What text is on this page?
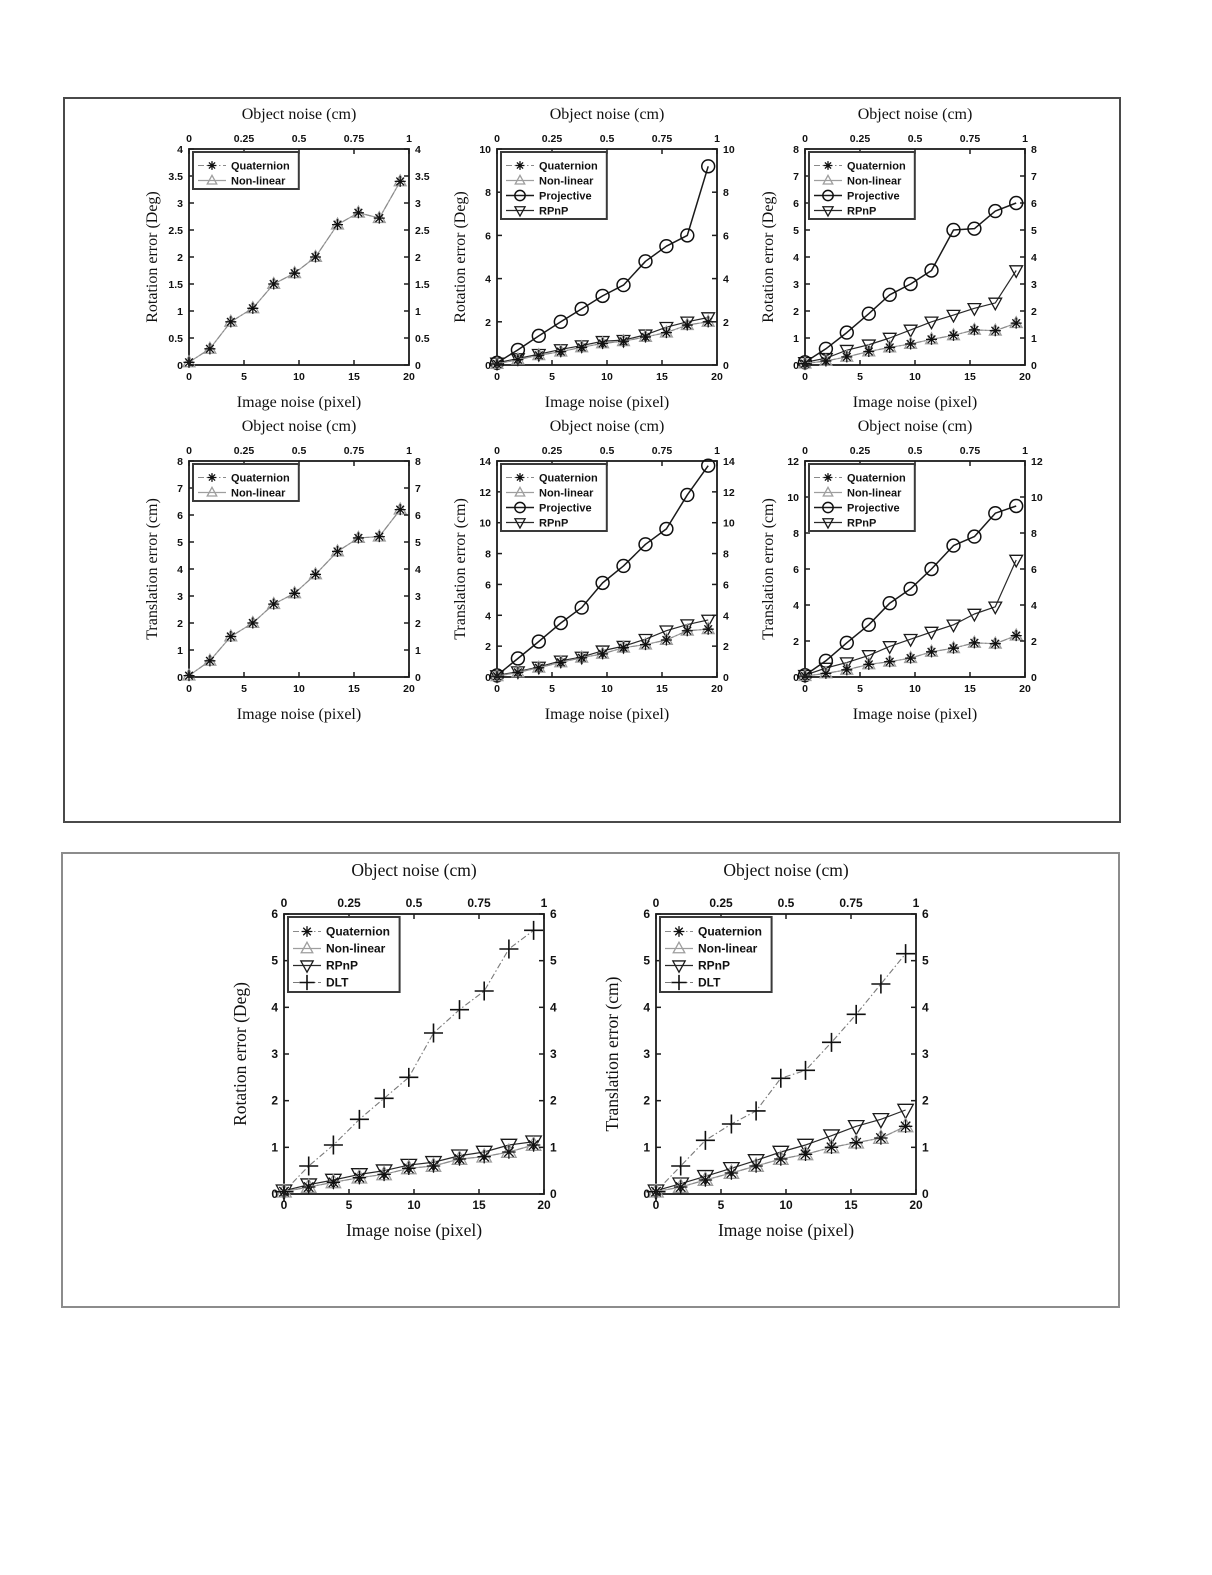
0	5	10	15	20
0	0.25	0.5	0.75	1
0	0
0.5	0.5
1	1
1.5	1.5
2	2
2.5	2.5
3	3
3.5	3.5
4	4
Object noise (cm)
Image noise (pixel)
Rotation error (Deg)
Quaternion
Non-linear
0	5	10	15	20
0	0.25	0.5	0.75	1
0	0
2	2
4	4
6	6
8	8
10	10
Object noise (cm)
Image noise (pixel)
Rotation error (Deg)
Quaternion
Non-linear
Projective
RPnP
0	5	10	15	20
0	0.25	0.5	0.75	1
0	0
1	1
2	2
3	3
4	4
5	5
6	6
7	7
8	8
Object noise (cm)
Image noise (pixel)
Rotation error (Deg)
Quaternion
Non-linear
Projective
RPnP
0	5	10	15	20
0	0.25	0.5	0.75	1
0	0
1	1
2	2
3	3
4	4
5	5
6	6
7	7
8	8
Object noise (cm)
Image noise (pixel)
Translation error (cm)
Quaternion
Non-linear
0	5	10	15	20
0	0.25	0.5	0.75	1
0	0
2	2
4	4
6	6
8	8
10	10
12	12
14	14
Object noise (cm)
Image noise (pixel)
Translation error (cm)
Quaternion
Non-linear
Projective
RPnP
0	5	10	15	20
0	0.25	0.5	0.75	1
0	0
2	2
4	4
6	6
8	8
10	10
12	12
Object noise (cm)
Image noise (pixel)
Translation error (cm)
Quaternion
Non-linear
Projective
RPnP
0	5	10	15	20
0	0.25	0.5	0.75	1
0	0
1	1
2	2
3	3
4	4
5	5
6	6
Object noise (cm)
Image noise (pixel)
Rotation error (Deg)
Quaternion
Non-linear
RPnP
DLT
0	5	10	15	20
0	0.25	0.5	0.75	1
0	0
1	1
2	2
3	3
4	4
5	5
6	6
Object noise (cm)
Image noise (pixel)
Translation error (cm)
Quaternion
Non-linear
RPnP
DLT
